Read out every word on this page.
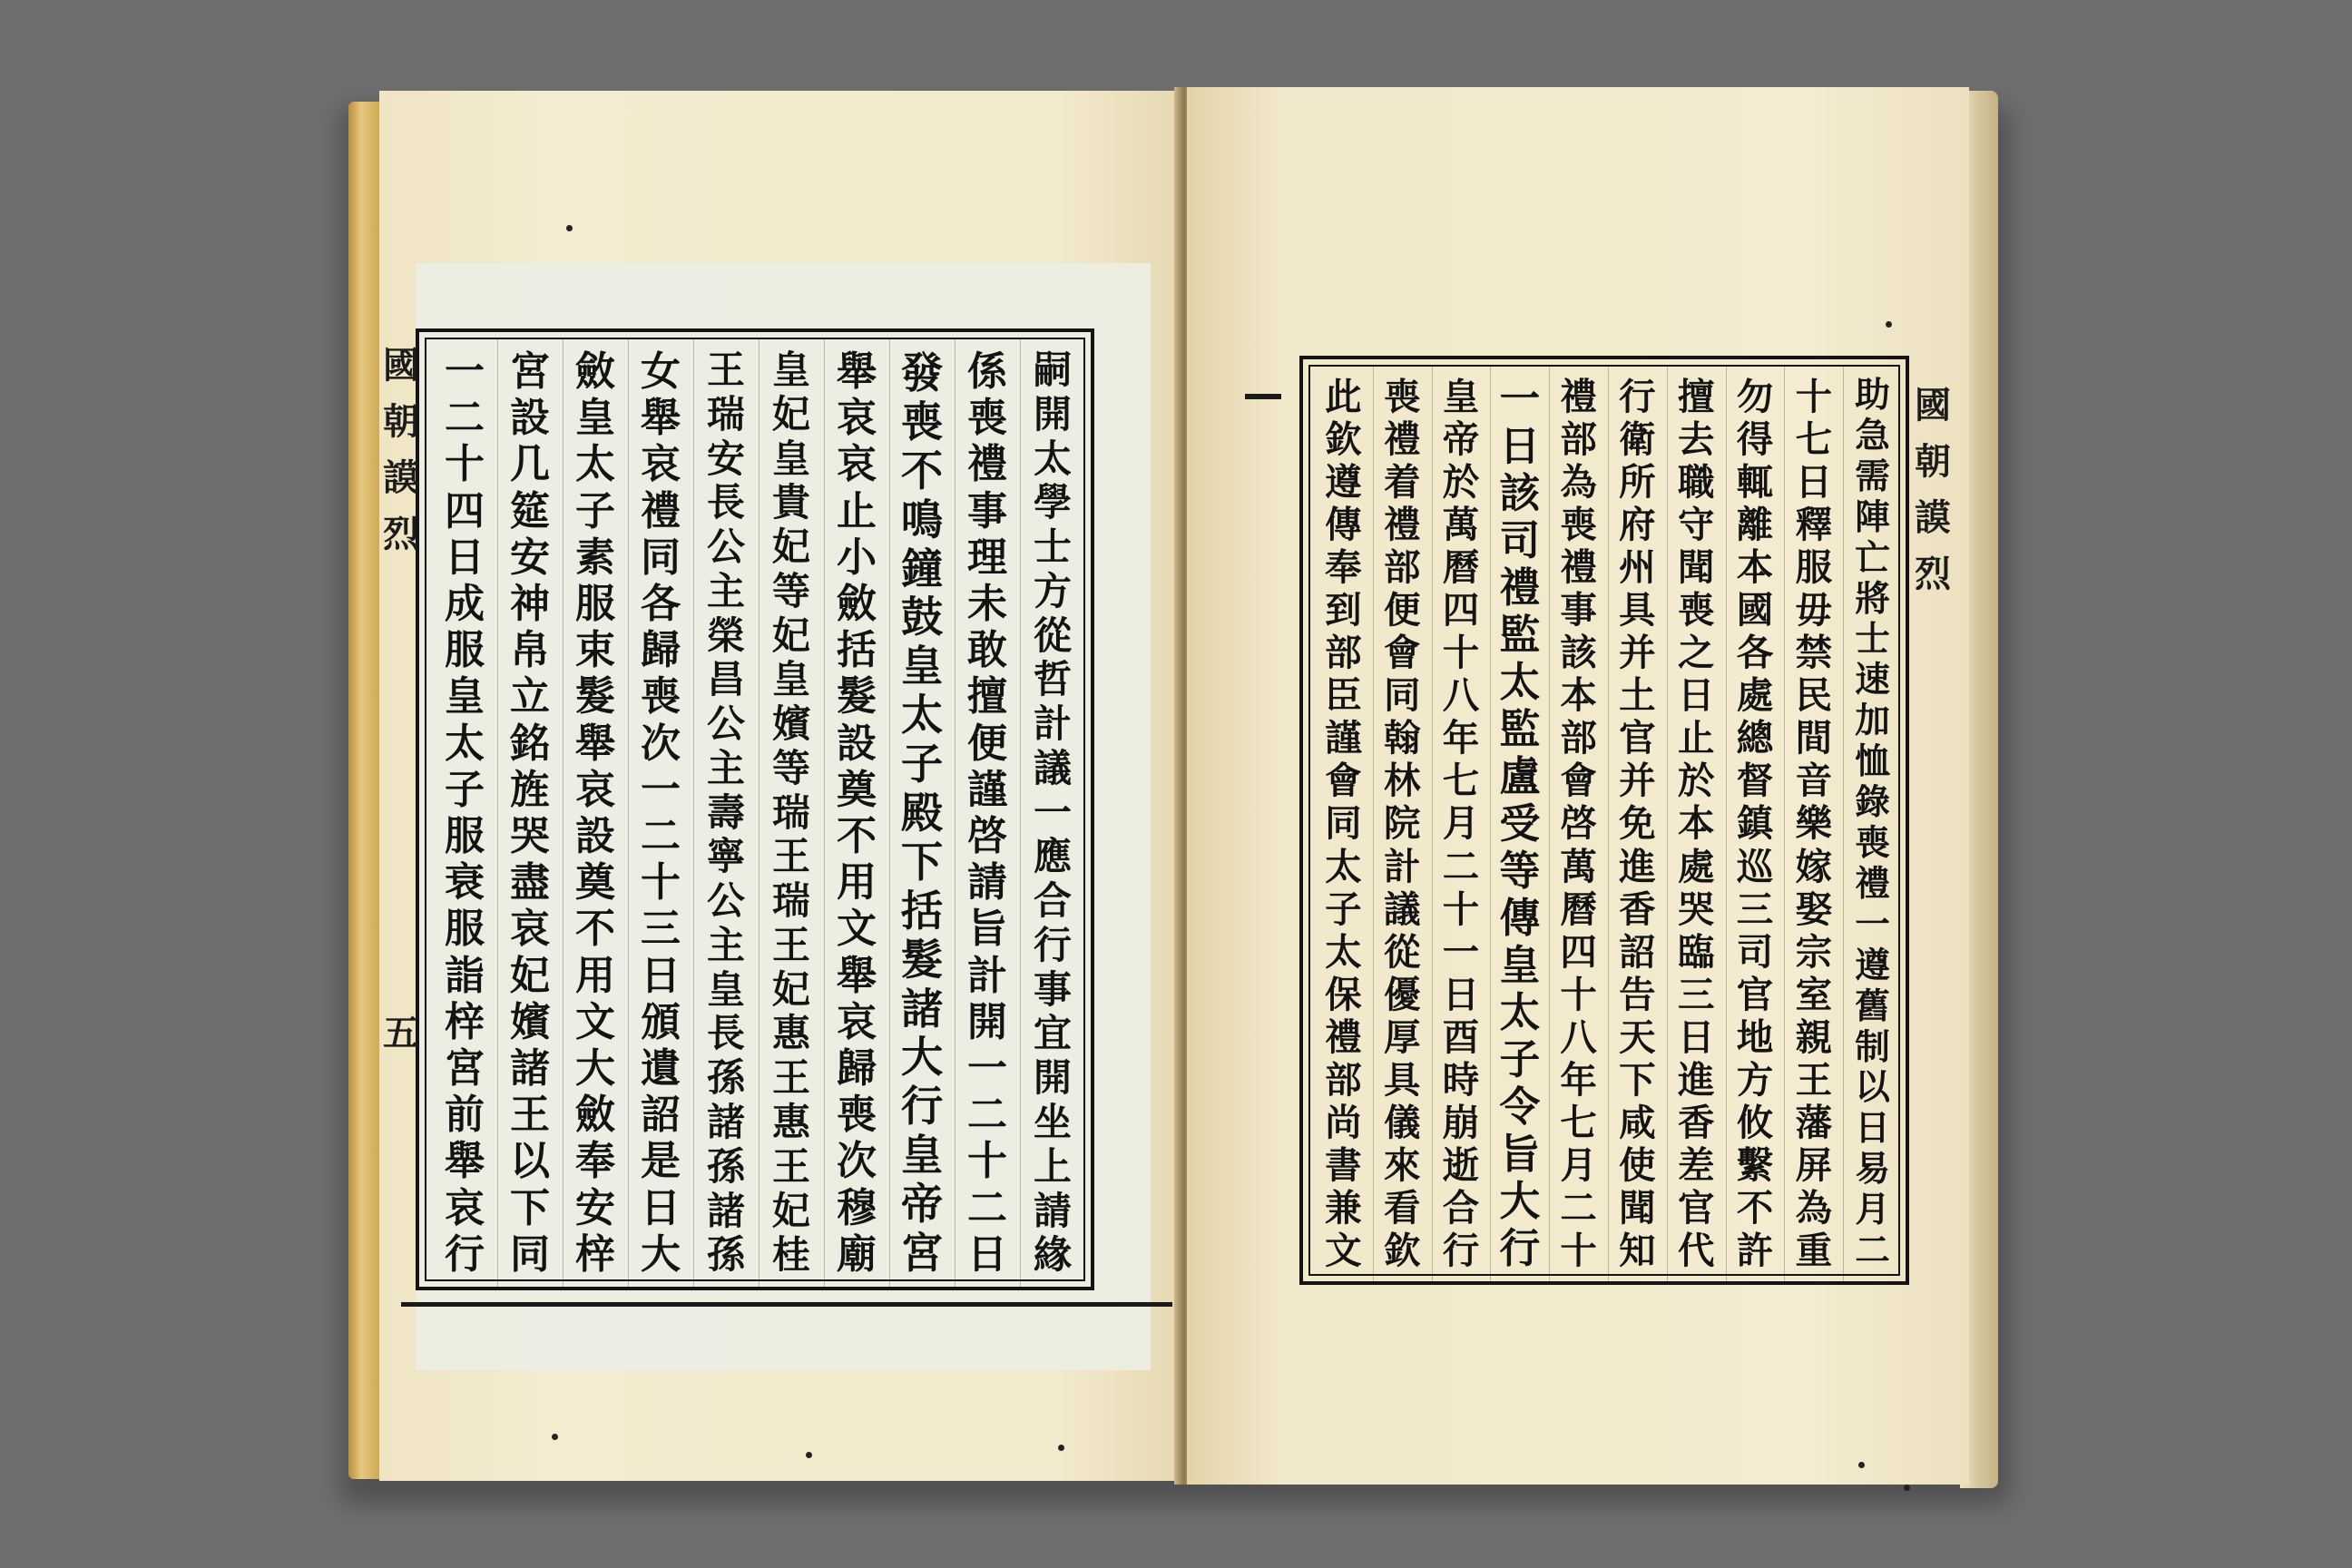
嗣
開
太
學
士
方
從
哲
計
議
一
應
合
行
事
宜
開
坐
上
請
緣
係
喪
禮
事
理
未
敢
擅
便
謹
啓
請
旨
計
開
一
二
十
二
日
發
喪
不
鳴
鐘
鼓
皇
太
子
殿
下
括
髮
諸
大
行
皇
帝
宮
舉
哀
哀
止
小
斂
括
髮
設
奠
不
用
文
舉
哀
歸
喪
次
穆
廟
皇
妃
皇
貴
妃
等
妃
皇
嬪
等
瑞
王
瑞
王
妃
惠
王
惠
王
妃
桂
王
瑞
安
長
公
主
榮
昌
公
主
壽
寧
公
主
皇
長
孫
諸
孫
諸
孫
女
舉
哀
禮
同
各
歸
喪
次
一
二
十
三
日
頒
遺
詔
是
日
大
斂
皇
太
子
素
服
束
髮
舉
哀
設
奠
不
用
文
大
斂
奉
安
梓
宮
設
几
筵
安
神
帛
立
銘
旌
哭
盡
哀
妃
嬪
諸
王
以
下
同
一
二
十
四
日
成
服
皇
太
子
服
衰
服
詣
梓
宮
前
舉
哀
行
國
朝
謨
烈
五
助
急
需
陣
亡
將
士
速
加
恤
錄
喪
禮
一
遵
舊
制
以
日
易
月
二
十
七
日
釋
服
毋
禁
民
間
音
樂
嫁
娶
宗
室
親
王
藩
屏
為
重
勿
得
輒
離
本
國
各
處
總
督
鎮
巡
三
司
官
地
方
攸
繫
不
許
擅
去
職
守
聞
喪
之
日
止
於
本
處
哭
臨
三
日
進
香
差
官
代
行
衛
所
府
州
具
并
土
官
并
免
進
香
詔
告
天
下
咸
使
聞
知
禮
部
為
喪
禮
事
該
本
部
會
啓
萬
曆
四
十
八
年
七
月
二
十
一
日
該
司
禮
監
太
監
盧
受
等
傳
皇
太
子
令
旨
大
行
皇
帝
於
萬
曆
四
十
八
年
七
月
二
十
一
日
酉
時
崩
逝
合
行
喪
禮
着
禮
部
便
會
同
翰
林
院
計
議
從
優
厚
具
儀
來
看
欽
此
欽
遵
傳
奉
到
部
臣
謹
會
同
太
子
太
保
禮
部
尚
書
兼
文
國
朝
謨
烈
